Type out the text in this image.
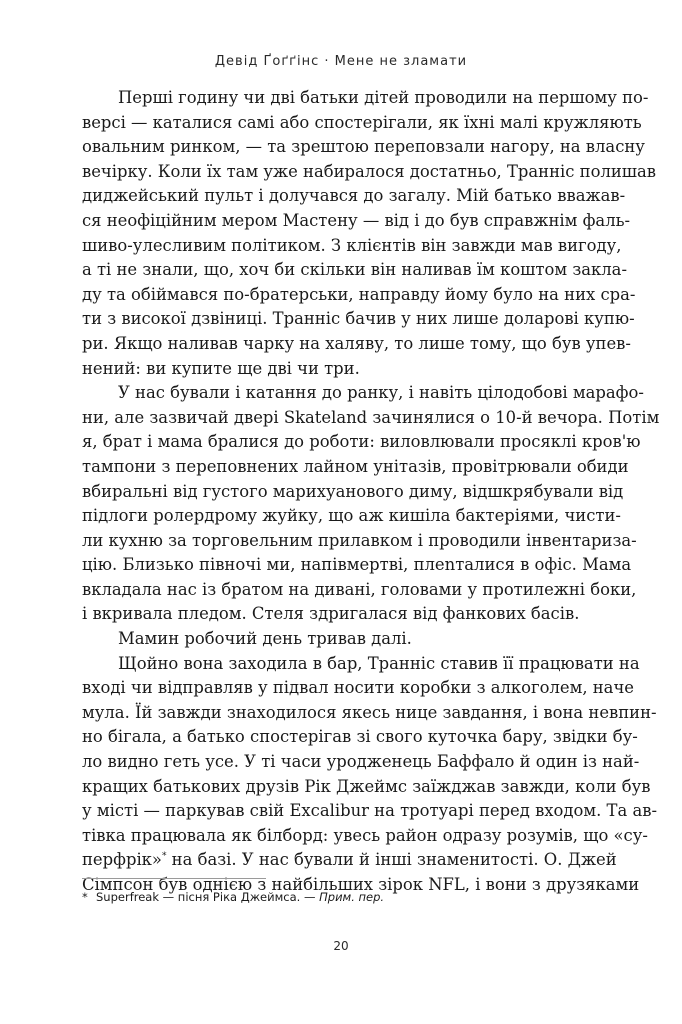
Девід Ґоґґінс · Мене не зламати
Перші годину чи дві батьки дітей проводили на першому по-
версі — каталися самі або спостерігали, як їхні малі кружляють
овальним ринком, — та зрештою переповзали нагору, на власну
вечірку. Коли їх там уже набиралося достатньо, Транніс полишав
диджейський пульт і долучався до загалу. Мій батько вважав-
ся неофіційним мером Мастену — від і до був справжнім фаль-
шиво-улесливим політиком. З клієнтів він завжди мав вигоду,
а ті не знали, що, хоч би скільки він наливав їм коштом закла-
ду та обіймався по-братерськи, направду йому було на них сра-
ти з високої дзвіниці. Транніс бачив у них лише доларові купю-
ри. Якщо наливав чарку на халяву, то лише тому, що був упев-
нений: ви купите ще дві чи три.
У нас бували і катання до ранку, і навіть цілодобові марафо-
ни, але зазвичай двері Skateland зачинялися о 10-й вечора. Потім
я, брат і мама бралися до роботи: виловлювали просяклі кров'ю
тампони з переповнених лайном унітазів, провітрювали обиди
вбиральні від густого марихуанового диму, відшкрябували від
підлоги ролердрому жуйку, що аж кишіла бактеріями, чисти-
ли кухню за торговельним прилавком і проводили інвентариза-
цію. Близько півночі ми, напівмертві, плenталися в офіс. Мама
вкладала нас із братом на дивані, головами у протилежні боки,
і вкривала пледом. Стеля здригалася від фанкових басів.
Мамин робочий день тривав далі.
Щойно вона заходила в бар, Транніс ставив її працювати на
вході чи відправляв у підвал носити коробки з алкоголем, наче
мула. Їй завжди знаходилося якесь нице завдання, і вона невпин-
но бігала, а батько спостерігав зі свого куточка бару, звідки бу-
ло видно геть усе. У ті часи уродженець Баффало й один із най-
кращих батькових друзів Рік Джеймс заїжджав завжди, коли був
у місті — паркував свій Excalibur на тротуарі перед входом. Та ав-
тівка працювала як білборд: увесь район одразу розумів, що «су-
перфрік»* на базі. У нас бували й інші знаменитості. О. Джей
Сімпсон був однією з найбільших зірок NFL, і вони з друзяками
* Superfreak — пісня Ріка Джеймса. — Прим. пер.
20
